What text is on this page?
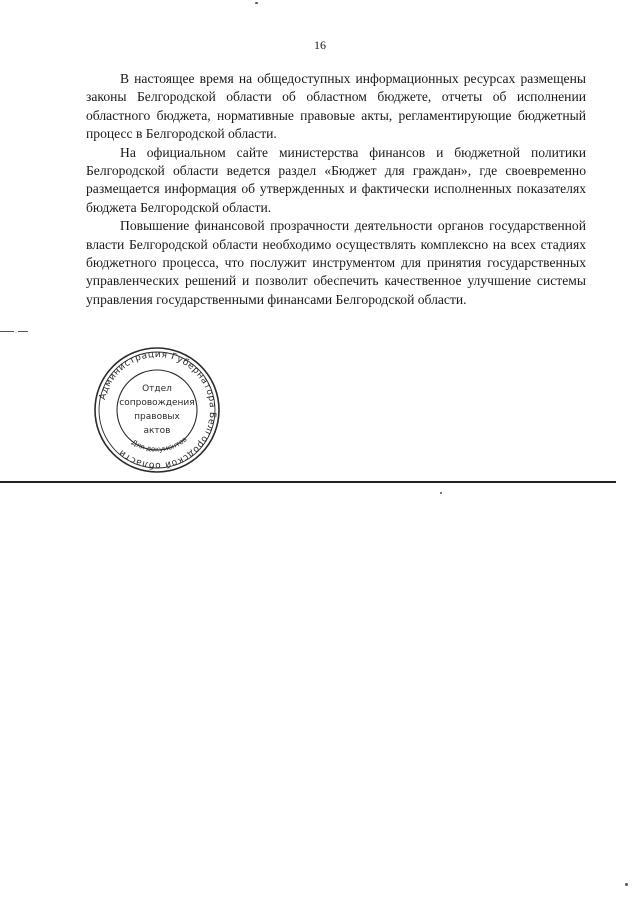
16

В настоящее время на общедоступных информационных ресурсах размещены законы Белгородской области об областном бюджете, отчеты об исполнении областного бюджета, нормативные правовые акты, регламентирующие бюджетный процесс в Белгородской области.

На официальном сайте министерства финансов и бюджетной политики Белгородской области ведется раздел «Бюджет для граждан», где своевременно размещается информация об утвержденных и фактически исполненных показателях бюджета Белгородской области.

Повышение финансовой прозрачности деятельности органов государственной власти Белгородской области необходимо осуществлять комплексно на всех стадиях бюджетного процесса, что послужит инструментом для принятия государственных управленческих решений и позволит обеспечить качественное улучшение системы управления государственными финансами Белгородской области.

Администрация Губернатора Белгородской области
Для документов
Отдел
сопровождения
правовых
актов
